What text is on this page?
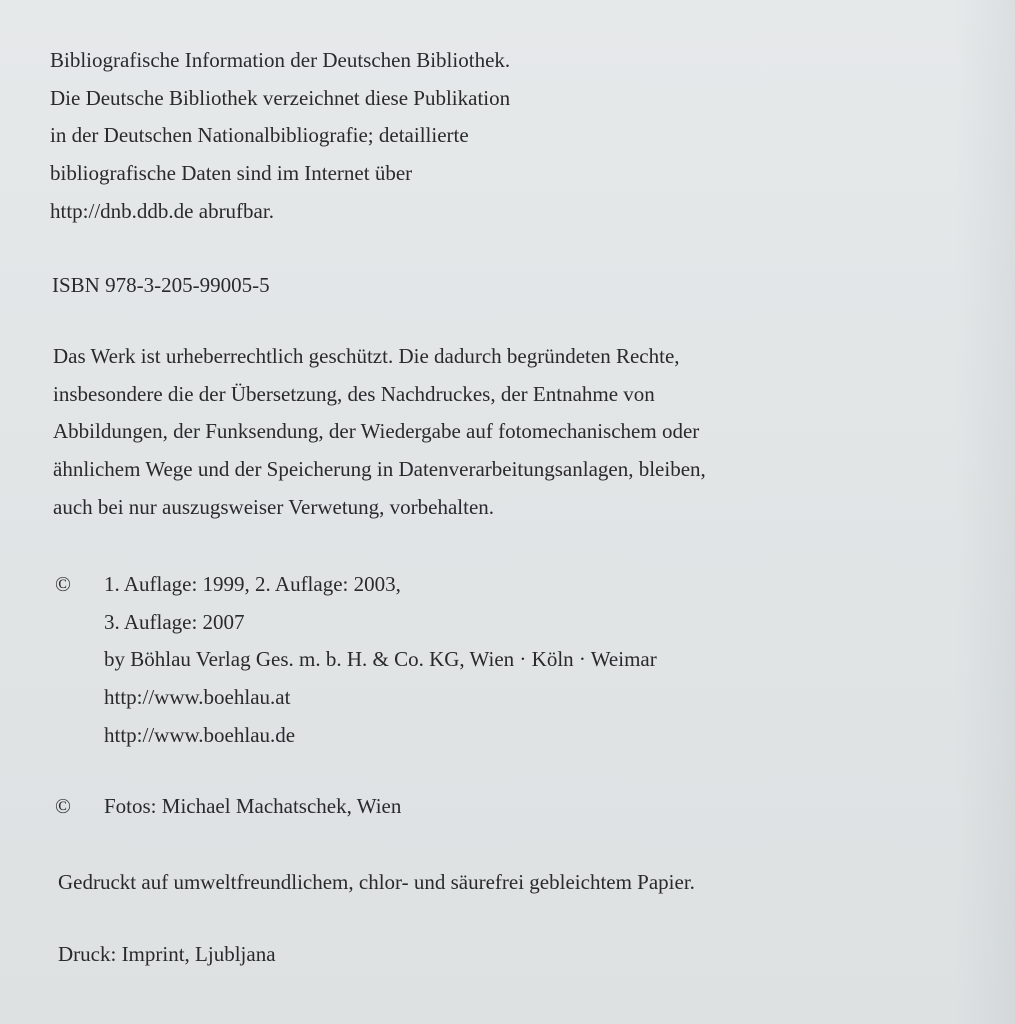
Bibliografische Information der Deutschen Bibliothek.
Die Deutsche Bibliothek verzeichnet diese Publikation
in der Deutschen Nationalbibliografie; detaillierte
bibliografische Daten sind im Internet über
http://dnb.ddb.de abrufbar.
ISBN 978-3-205-99005-5
Das Werk ist urheberrechtlich geschützt. Die dadurch begründeten Rechte,
insbesondere die der Übersetzung, des Nachdruckes, der Entnahme von
Abbildungen, der Funksendung, der Wiedergabe auf fotomechanischem oder
ähnlichem Wege und der Speicherung in Datenverarbeitungsanlagen, bleiben,
auch bei nur auszugsweiser Verwetung, vorbehalten.
© 1. Auflage: 1999, 2. Auflage: 2003,
3. Auflage: 2007
by Böhlau Verlag Ges. m. b. H. & Co. KG, Wien · Köln · Weimar
http://www.boehlau.at
http://www.boehlau.de
© Fotos: Michael Machatschek, Wien
Gedruckt auf umweltfreundlichem, chlor- und säurefrei gebleichtem Papier.
Druck: Imprint, Ljubljana
